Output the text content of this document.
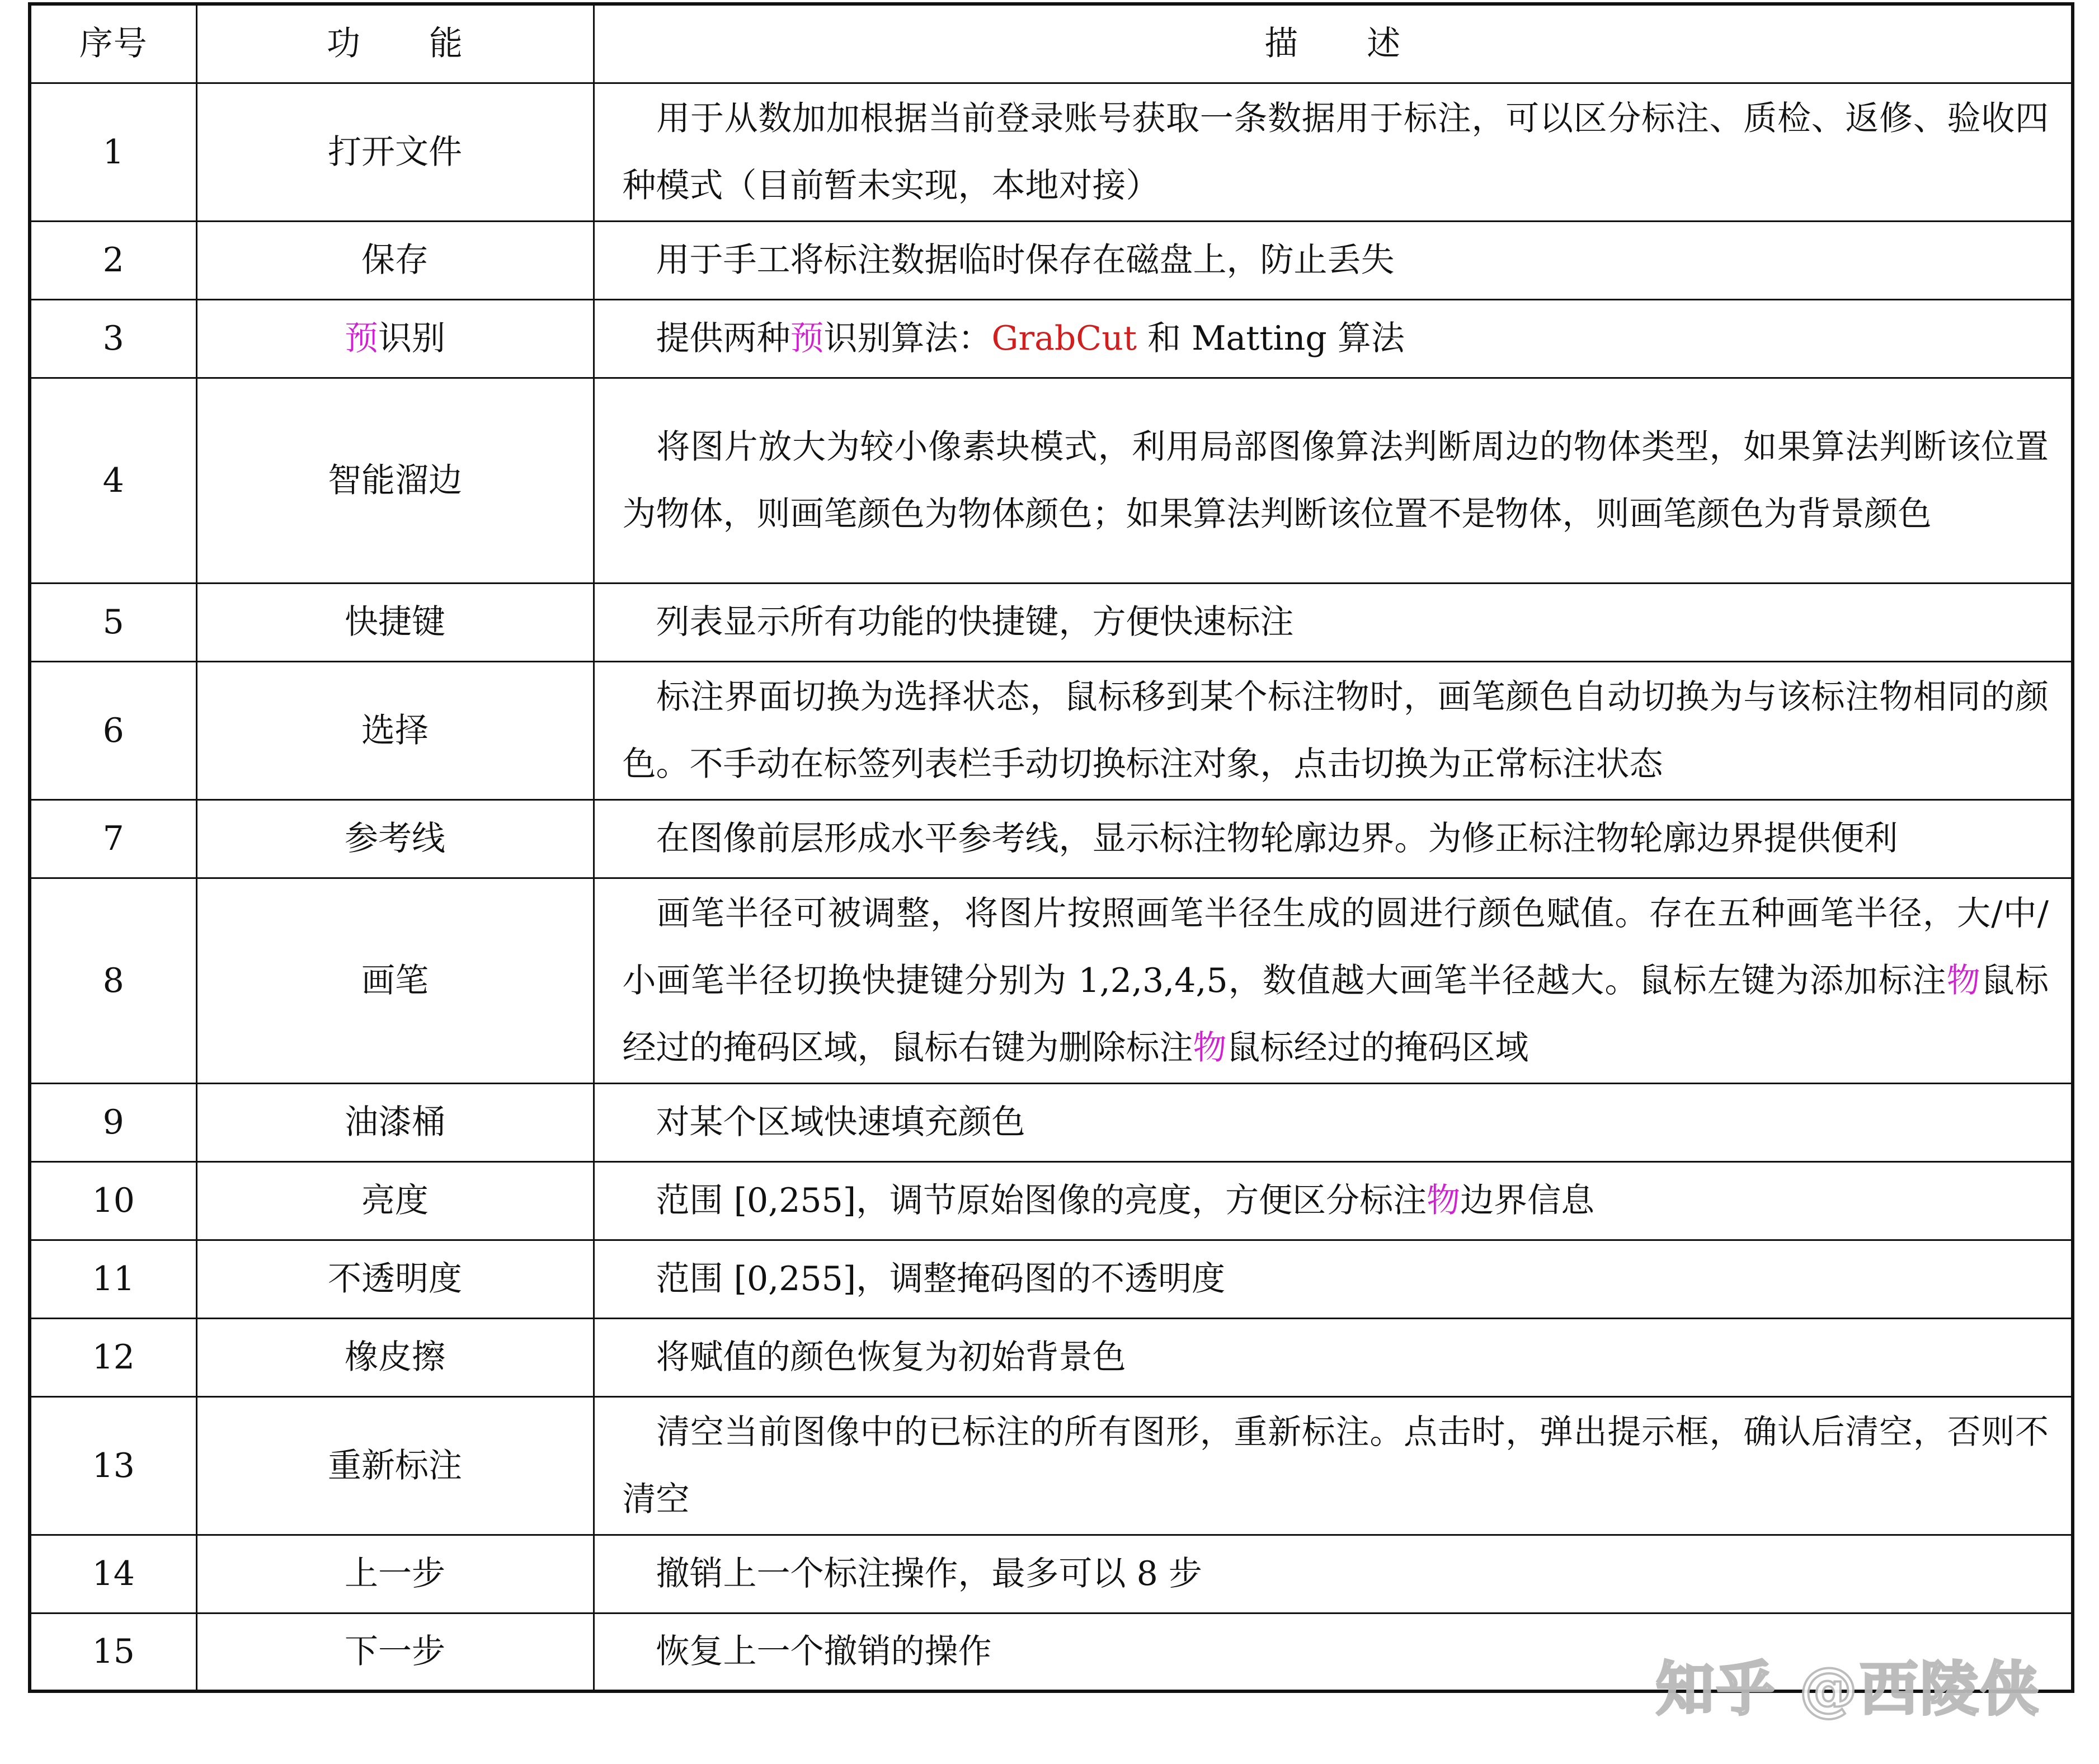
序号	功　　能	描　　述
1	打开文件	用于从数加加根据当前登录账号获取一条数据用于标注，可以区分标注、质检、返修、验收四种模式（目前暂未实现，本地对接）
2	保存	用于手工将标注数据临时保存在磁盘上，防止丢失
3	预识别	提供两种预识别算法：GrabCut 和 Matting 算法
4	智能溜边	将图片放大为较小像素块模式，利用局部图像算法判断周边的物体类型，如果算法判断该位置为物体，则画笔颜色为物体颜色；如果算法判断该位置不是物体，则画笔颜色为背景颜色
5	快捷键	列表显示所有功能的快捷键，方便快速标注
6	选择	标注界面切换为选择状态，鼠标移到某个标注物时，画笔颜色自动切换为与该标注物相同的颜色。不手动在标签列表栏手动切换标注对象，点击切换为正常标注状态
7	参考线	在图像前层形成水平参考线，显示标注物轮廓边界。为修正标注物轮廓边界提供便利
8	画笔	画笔半径可被调整，将图片按照画笔半径生成的圆进行颜色赋值。存在五种画笔半径，大/中/小画笔半径切换快捷键分别为 1,2,3,4,5，数值越大画笔半径越大。鼠标左键为添加标注物鼠标经过的掩码区域，鼠标右键为删除标注物鼠标经过的掩码区域
9	油漆桶	对某个区域快速填充颜色
10	亮度	范围 [0,255]，调节原始图像的亮度，方便区分标注物边界信息
11	不透明度	范围 [0,255]，调整掩码图的不透明度
12	橡皮擦	将赋值的颜色恢复为初始背景色
13	重新标注	清空当前图像中的已标注的所有图形，重新标注。点击时，弹出提示框，确认后清空，否则不清空
14	上一步	撤销上一个标注操作，最多可以 8 步
15	下一步	恢复上一个撤销的操作
知乎 @西陵侠
